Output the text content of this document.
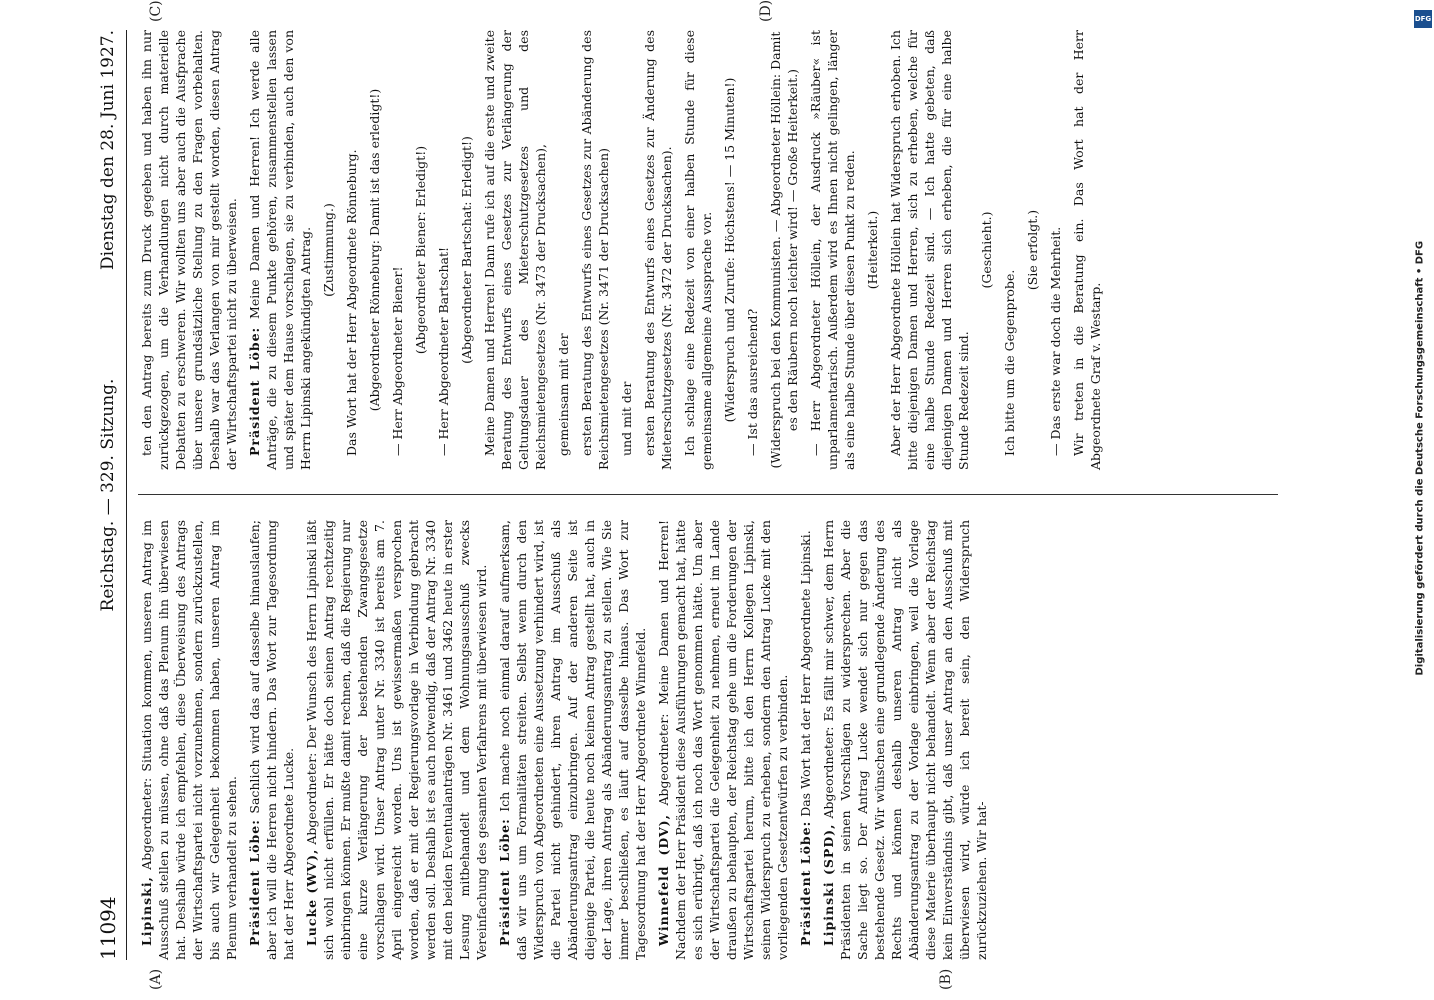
11094
Reichstag. — 329. Sitzung.
Dienstag den 28. Juni 1927.

Lipinski, Abgeordneter: Situation kommen, unseren Antrag im Ausschuß stellen zu müssen, ohne daß das Plenum ihn überwiesen hat. Deshalb würde ich empfehlen, diese Überweisung des Antrags der Wirtschaftspartei nicht vorzunehmen, sondern zurückzustellen, bis auch wir Gelegenheit bekommen haben, unseren Antrag im Plenum verhandelt zu sehen. Präsident Löbe: Sachlich wird das auf dasselbe hinauslaufen; aber ich will die Herren nicht hindern. Das Wort zur Tagesordnung hat der Herr Abgeordnete Lucke. Lucke (WV), Abgeordneter: Der Wunsch des Herrn Lipinski läßt sich wohl nicht erfüllen. Er hätte doch seinen Antrag rechtzeitig einbringen können. Er mußte damit rechnen, daß die Regierung nur eine kurze Verlängerung der bestehenden Zwangsgesetze vorschlagen wird. Unser Antrag unter Nr. 3340 ist bereits am 7. April eingereicht worden. Uns ist gewissermaßen versprochen worden, daß er mit der Regierungsvorlage in Verbindung gebracht werden soll. Deshalb ist es auch notwendig, daß der Antrag Nr. 3340 mit den beiden Eventualanträgen Nr. 3461 und 3462 heute in erster Lesung mitbehandelt und dem Wohnungsausschuß zwecks Vereinfachung des gesamten Verfahrens mit überwiesen wird. Präsident Löbe: Ich mache noch einmal darauf aufmerksam, daß wir uns um Formalitäten streiten. Selbst wenn durch den Widerspruch von Abgeordneten eine Aussetzung verhindert wird, ist die Partei nicht gehindert, ihren Antrag im Ausschuß als Abänderungsantrag einzubringen. Auf der anderen Seite ist diejenige Partei, die heute noch keinen Antrag gestellt hat, auch in der Lage, ihren Antrag als Abänderungsantrag zu stellen. Wie Sie immer beschließen, es läuft auf dasselbe hinaus. Das Wort zur Tagesordnung hat der Herr Abgeordnete Winnefeld. Winnefeld (DV), Abgeordneter: Meine Damen und Herren! Nachdem der Herr Präsident diese Ausführungen gemacht hat, hätte es sich erübrigt, daß ich noch das Wort genommen hätte. Um aber der Wirtschaftspartei die Gelegenheit zu nehmen, erneut im Lande draußen zu behaupten, der Reichstag gehe um die Forderungen der Wirtschaftspartei herum, bitte ich den Herrn Kollegen Lipinski, seinen Widerspruch zu erheben, sondern den Antrag Lucke mit den vorliegenden Gesetzentwürfen zu verbinden. Präsident Löbe: Das Wort hat der Herr Abgeordnete Lipinski.

Lipinski (SPD), Abgeordneter: Es fällt mir schwer, dem Herrn Präsidenten in seinen Vorschlägen zu widersprechen. Aber die Sache liegt so. Der Antrag Lucke wendet sich nur gegen das bestehende Gesetz. Wir wünschen eine grundlegende Änderung des Rechts und können deshalb unseren Antrag nicht als Abänderungsantrag zu der Vorlage einbringen, weil die Vorlage diese Materie überhaupt nicht behandelt. Wenn aber der Reichstag kein Einverständnis gibt, daß unser Antrag an den Ausschuß mit überwiesen wird, würde ich bereit sein, den Widerspruch zurückzuziehen. Wir hat-

ten den Antrag bereits zum Druck gegeben und haben ihn nur zurückgezogen, um die Verhandlungen nicht durch materielle Debatten zu erschweren. Wir wollten uns aber auch die Ausfprache über unsere grundsätzliche Stellung zu den Fragen vorbehalten. Deshalb war das Verlangen von mir gestellt worden, diesen Antrag der Wirtschaftspartei nicht zu überweisen. Präsident Löbe: Meine Damen und Herren! Ich werde alle Anträge, die zu diesem Punkte gehören, zusammenstellen lassen und später dem Hause vorschlagen, sie zu verbinden, auch den von Herrn Lipinski angekündigten Antrag. (Zustimmung.) Das Wort hat der Herr Abgeordnete Rönneburg. (Abgeordneter Rönneburg: Damit ist das erledigt!) — Herr Abgeordneter Biener!

(Abgeordneter Biener: Erledigt!) — Herr Abgeordneter Bartschat! (Abgeordneter Bartschat: Erledigt!) Meine Damen und Herren! Dann rufe ich auf die erste und zweite Beratung des Entwurfs eines Gesetzes zur Verlängerung der Geltungsdauer des Mieterschutzgesetzes und des Reichsmietengesetzes (Nr. 3473 der Drucksachen), gemeinsam mit der ersten Beratung des Entwurfs eines Gesetzes zur Abänderung des Reichsmietengesetzes (Nr. 3471 der Drucksachen) und mit der ersten Beratung des Entwurfs eines Gesetzes zur Änderung des Mieterschutzgesetzes (Nr. 3472 der Drucksachen). Ich schlage eine Redezeit von einer halben Stunde für diese gemeinsame allgemeine Aussprache vor. (Widerspruch und Zurufe: Höchstens! — 15 Minuten!) — Ist das ausreichend? (Widerspruch bei den Kommunisten. — Abgeordneter Höllein: Damit es den Räubern noch leichter wird! — Große Heiterkeit.) — Herr Abgeordneter Höllein, der Ausdruck »Räuber« ist unparlamentarisch. Außerdem wird es Ihnen nicht gelingen, länger als eine halbe Stunde über diesen Punkt zu reden. (Heiterkeit.) Aber der Herr Abgeordnete Höllein hat Widerspruch erhoben. Ich bitte diejenigen Damen und Herren, sich zu erheben, welche für eine halbe Stunde Redezeit sind. — Ich hatte gebeten, daß diejenigen Damen und Herren sich erheben, die für eine halbe Stunde Redezeit sind.

(Geschieht.)

Ich bitte um die Gegenprobe.

(Sie erfolgt.) — Das erste war doch die Mehrheit. Wir treten in die Beratung ein. Das Wort hat der Herr Abgeordnete Graf v. Westarp.

(A)	(B)
(C)	(D)	DFG
Digitalisierung gefördert durch die Deutsche Forschungsgemeinschaft • DFG
